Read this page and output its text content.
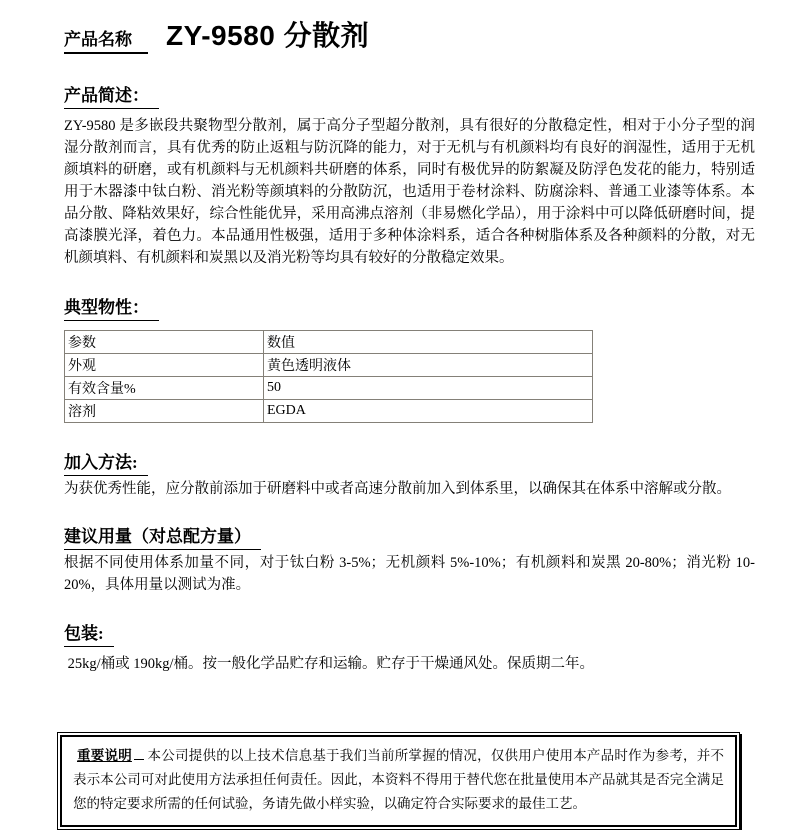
产品名称 ZY-9580 分散剂
产品简述：
ZY-9580 是多嵌段共聚物型分散剂，属于高分子型超分散剂，具有很好的分散稳定性，相对于小分子型的润湿分散剂而言，具有优秀的防止返粗与防沉降的能力，对于无机与有机颜料均有良好的润湿性，适用于无机颜填料的研磨，或有机颜料与无机颜料共研磨的体系，同时有极优异的防絮凝及防浮色发花的能力，特别适用于木器漆中钛白粉、消光粉等颜填料的分散防沉，也适用于卷材涂料、防腐涂料、普通工业漆等体系。本品分散、降粘效果好，综合性能优异，采用高沸点溶剂（非易燃化学品），用于涂料中可以降低研磨时间，提高漆膜光泽，着色力。本品通用性极强，适用于多种体涂料系，适合各种树脂体系及各种颜料的分散，对无机颜填料、有机颜料和炭黑以及消光粉等均具有较好的分散稳定效果。
典型物性：
参数	数值
外观	黄色透明液体
有效含量%	50
溶剂	EGDA
加入方法:
为获优秀性能，应分散前添加于研磨料中或者高速分散前加入到体系里，以确保其在体系中溶解或分散。
建议用量（对总配方量）
根据不同使用体系加量不同，对于钛白粉 3-5%；无机颜料 5%-10%；有机颜料和炭黑 20-80%；消光粉 10-20%，具体用量以测试为准。
包装:
25kg/桶或 190kg/桶。按一般化学品贮存和运输。贮存于干燥通风处。保质期二年。
重要说明 本公司提供的以上技术信息基于我们当前所掌握的情况，仅供用户使用本产品时作为参考，并不表示本公司可对此使用方法承担任何责任。因此，本资料不得用于替代您在批量使用本产品就其是否完全满足您的特定要求所需的任何试验，务请先做小样实验，以确定符合实际要求的最佳工艺。
